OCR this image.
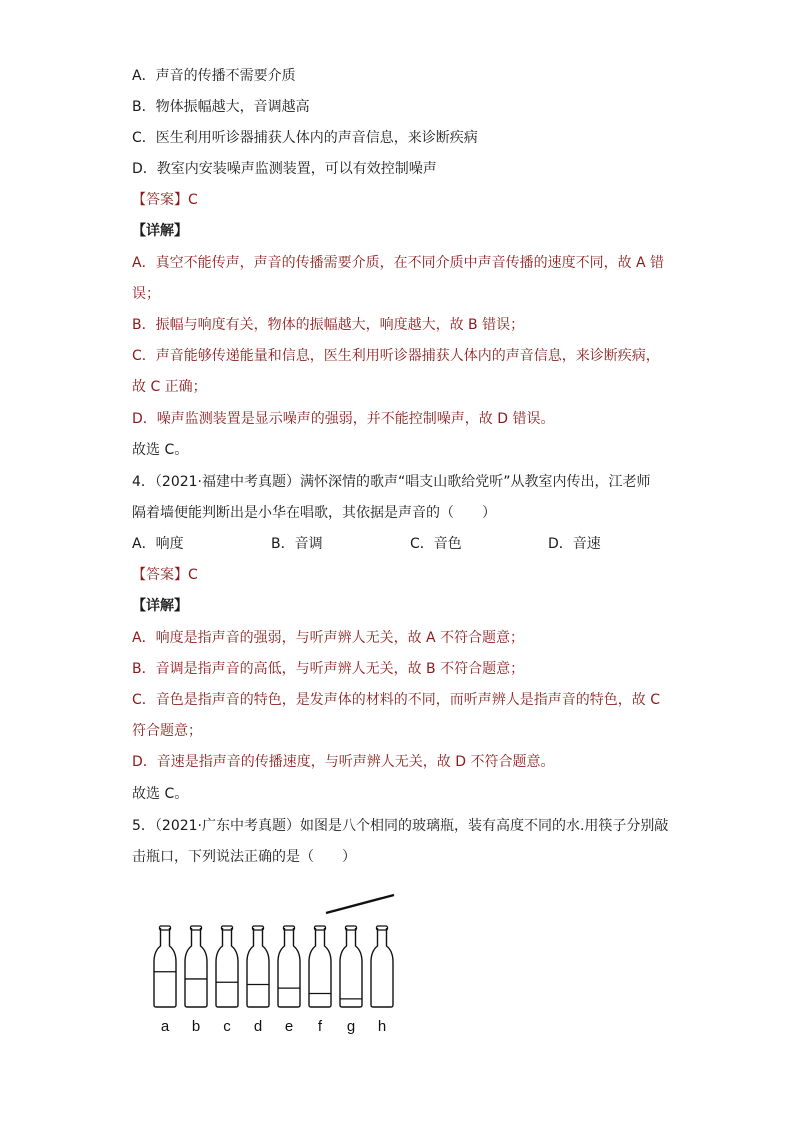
A．声音的传播不需要介质
B．物体振幅越大，音调越高
C．医生利用听诊器捕获人体内的声音信息，来诊断疾病
D．教室内安装噪声监测装置，可以有效控制噪声
【答案】C
【详解】
A．真空不能传声，声音的传播需要介质，在不同介质中声音传播的速度不同，故 A 错
误；
B．振幅与响度有关，物体的振幅越大，响度越大，故 B 错误；
C．声音能够传递能量和信息，医生利用听诊器捕获人体内的声音信息，来诊断疾病，
故 C 正确；
D．噪声监测装置是显示噪声的强弱，并不能控制噪声，故 D 错误。
故选 C。
4．（2021·福建中考真题）满怀深情的歌声“唱支山歌给党听”从教室内传出，江老师
隔着墙便能判断出是小华在唱歌，其依据是声音的（　　）
A．响度	B．音调	C．音色	D．音速
【答案】C
【详解】
A．响度是指声音的强弱，与听声辨人无关，故 A 不符合题意；
B．音调是指声音的高低，与听声辨人无关，故 B 不符合题意；
C．音色是指声音的特色，是发声体的材料的不同，而听声辨人是指声音的特色，故 C
符合题意；
D．音速是指声音的传播速度，与听声辨人无关，故 D 不符合题意。
故选 C。
5．（2021·广东中考真题）如图是八个相同的玻璃瓶，装有高度不同的水.用筷子分别敲
击瓶口，下列说法正确的是（　　）
a	b	c	d	e	f	g	h
